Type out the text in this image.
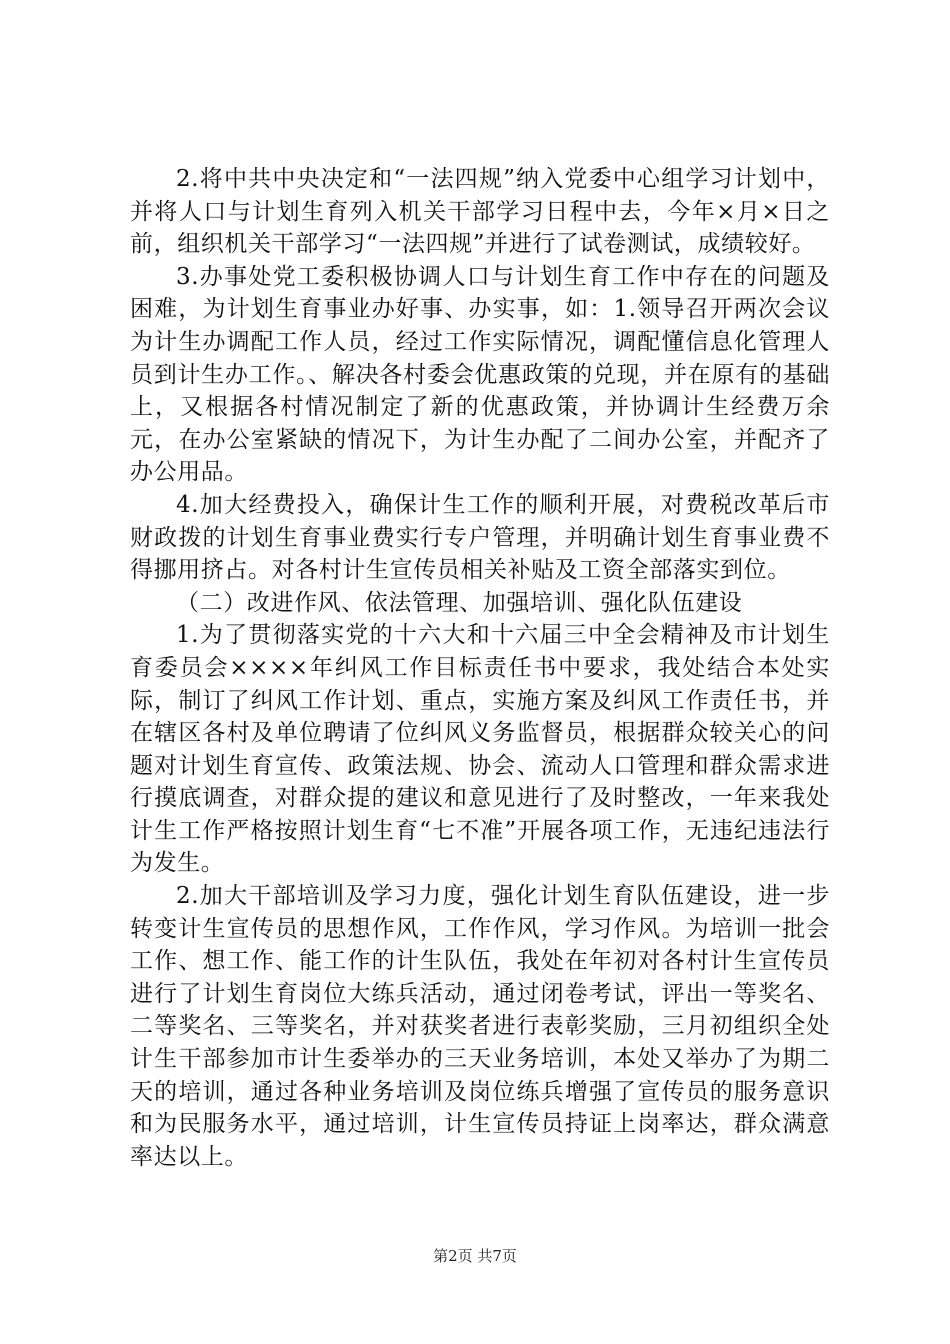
2.将中共中央决定和“一法四规”纳入党委中心组学习计划中，并将人口与计划生育列入机关干部学习日程中去，今年×月×日之前，组织机关干部学习“一法四规”并进行了试卷测试，成绩较好。

3.办事处党工委积极协调人口与计划生育工作中存在的问题及困难，为计划生育事业办好事、办实事，如：1.领导召开两次会议为计生办调配工作人员，经过工作实际情况，调配懂信息化管理人员到计生办工作。、解决各村委会优惠政策的兑现，并在原有的基础上，又根据各村情况制定了新的优惠政策，并协调计生经费万余元，在办公室紧缺的情况下，为计生办配了二间办公室，并配齐了办公用品。

4.加大经费投入，确保计生工作的顺利开展，对费税改革后市财政拨的计划生育事业费实行专户管理，并明确计划生育事业费不得挪用挤占。对各村计生宣传员相关补贴及工资全部落实到位。

（二）改进作风、依法管理、加强培训、强化队伍建设

1.为了贯彻落实党的十六大和十六届三中全会精神及市计划生育委员会××××年纠风工作目标责任书中要求，我处结合本处实际，制订了纠风工作计划、重点，实施方案及纠风工作责任书，并在辖区各村及单位聘请了位纠风义务监督员，根据群众较关心的问题对计划生育宣传、政策法规、协会、流动人口管理和群众需求进行摸底调查，对群众提的建议和意见进行了及时整改，一年来我处计生工作严格按照计划生育“七不准”开展各项工作，无违纪违法行为发生。

2.加大干部培训及学习力度，强化计划生育队伍建设，进一步转变计生宣传员的思想作风，工作作风，学习作风。为培训一批会工作、想工作、能工作的计生队伍，我处在年初对各村计生宣传员进行了计划生育岗位大练兵活动，通过闭卷考试，评出一等奖名、二等奖名、三等奖名，并对获奖者进行表彰奖励，三月初组织全处计生干部参加市计生委举办的三天业务培训，本处又举办了为期二天的培训，通过各种业务培训及岗位练兵增强了宣传员的服务意识和为民服务水平，通过培训，计生宣传员持证上岗率达，群众满意率达以上。

第2页 共7页
